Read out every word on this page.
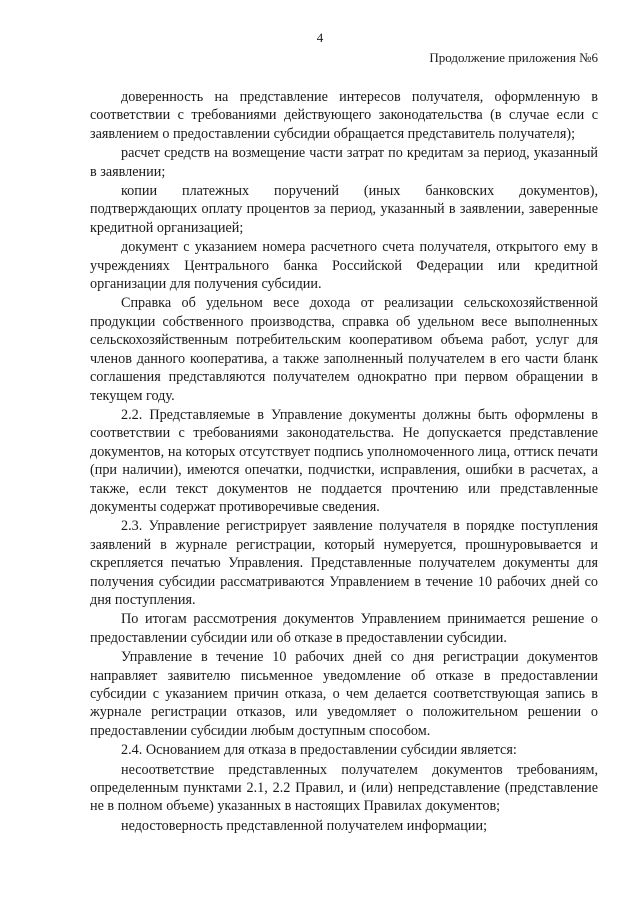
4
Продолжение приложения №6

доверенность на представление интересов получателя, оформленную в соответствии с требованиями действующего законодательства (в случае если с заявлением о предоставлении субсидии обращается представитель получателя);

расчет средств на возмещение части затрат по кредитам за период, указанный в заявлении;

копии платежных поручений (иных банковских документов), подтверждающих оплату процентов за период, указанный в заявлении, заверенные кредитной организацией;

документ с указанием номера расчетного счета получателя, открытого ему в учреждениях Центрального банка Российской Федерации или кредитной организации для получения субсидии.

Справка об удельном весе дохода от реализации сельскохозяйственной продукции собственного производства, справка об удельном весе выполненных сельскохозяйственным потребительским кооперативом объема работ, услуг для членов данного кооператива, а также заполненный получателем в его части бланк соглашения представляются получателем однократно при первом обращении в текущем году.

2.2. Представляемые в Управление документы должны быть оформлены в соответствии с требованиями законодательства. Не допускается представление документов, на которых отсутствует подпись уполномоченного лица, оттиск печати (при наличии), имеются опечатки, подчистки, исправления, ошибки в расчетах, а также, если текст документов не поддается прочтению или представленные документы содержат противоречивые сведения.

2.3. Управление регистрирует заявление получателя в порядке поступления заявлений в журнале регистрации, который нумеруется, прошнуровывается и скрепляется печатью Управления. Представленные получателем документы для получения субсидии рассматриваются Управлением в течение 10 рабочих дней со дня поступления.

По итогам рассмотрения документов Управлением принимается решение о предоставлении субсидии или об отказе в предоставлении субсидии.

Управление в течение 10 рабочих дней со дня регистрации документов направляет заявителю письменное уведомление об отказе в предоставлении субсидии с указанием причин отказа, о чем делается соответствующая запись в журнале регистрации отказов, или уведомляет о положительном решении о предоставлении субсидии любым доступным способом.

2.4. Основанием для отказа в предоставлении субсидии является:

несоответствие представленных получателем документов требованиям, определенным пунктами 2.1, 2.2 Правил, и (или) непредставление (представление не в полном объеме) указанных в настоящих Правилах документов;

недостоверность представленной получателем информации;
